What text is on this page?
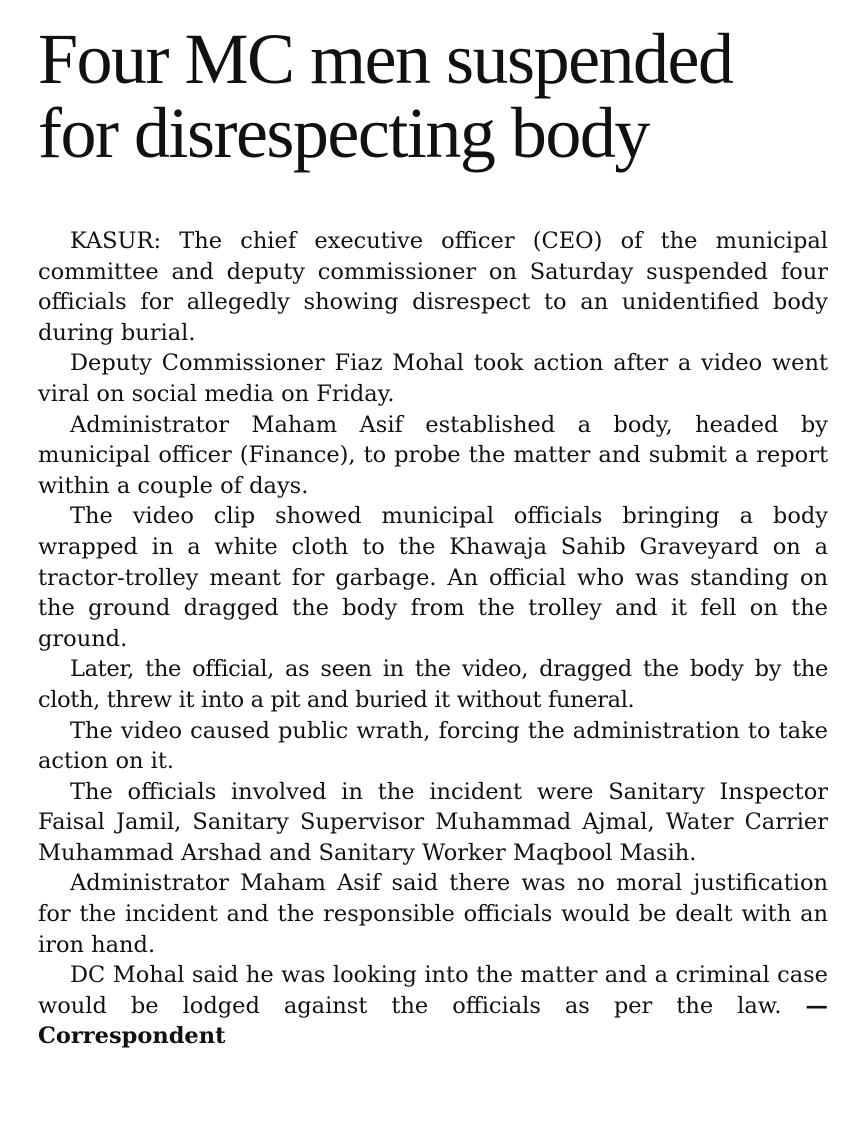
Four MC men suspended
for disrespecting body

KASUR: The chief executive officer (CEO) of the municipal committee and deputy commissioner on Saturday suspended four officials for allegedly showing disrespect to an unidentified body during burial.

Deputy Commissioner Fiaz Mohal took action after a video went viral on social media on Friday.

Administrator Maham Asif established a body, headed by municipal officer (Finance), to probe the matter and submit a report within a couple of days.

The video clip showed municipal officials bringing a body wrapped in a white cloth to the Khawaja Sahib Graveyard on a tractor-trolley meant for garbage. An official who was standing on the ground dragged the body from the trolley and it fell on the ground.

Later, the official, as seen in the video, dragged the body by the cloth, threw it into a pit and buried it without funeral.

The video caused public wrath, forcing the administration to take action on it.

The officials involved in the incident were Sanitary Inspector Faisal Jamil, Sanitary Supervisor Muhammad Ajmal, Water Carrier Muhammad Arshad and Sanitary Worker Maqbool Masih.

Administrator Maham Asif said there was no moral justification for the incident and the responsible officials would be dealt with an iron hand.

DC Mohal said he was looking into the matter and a criminal case would be lodged against the officials as per the law. — Correspondent
